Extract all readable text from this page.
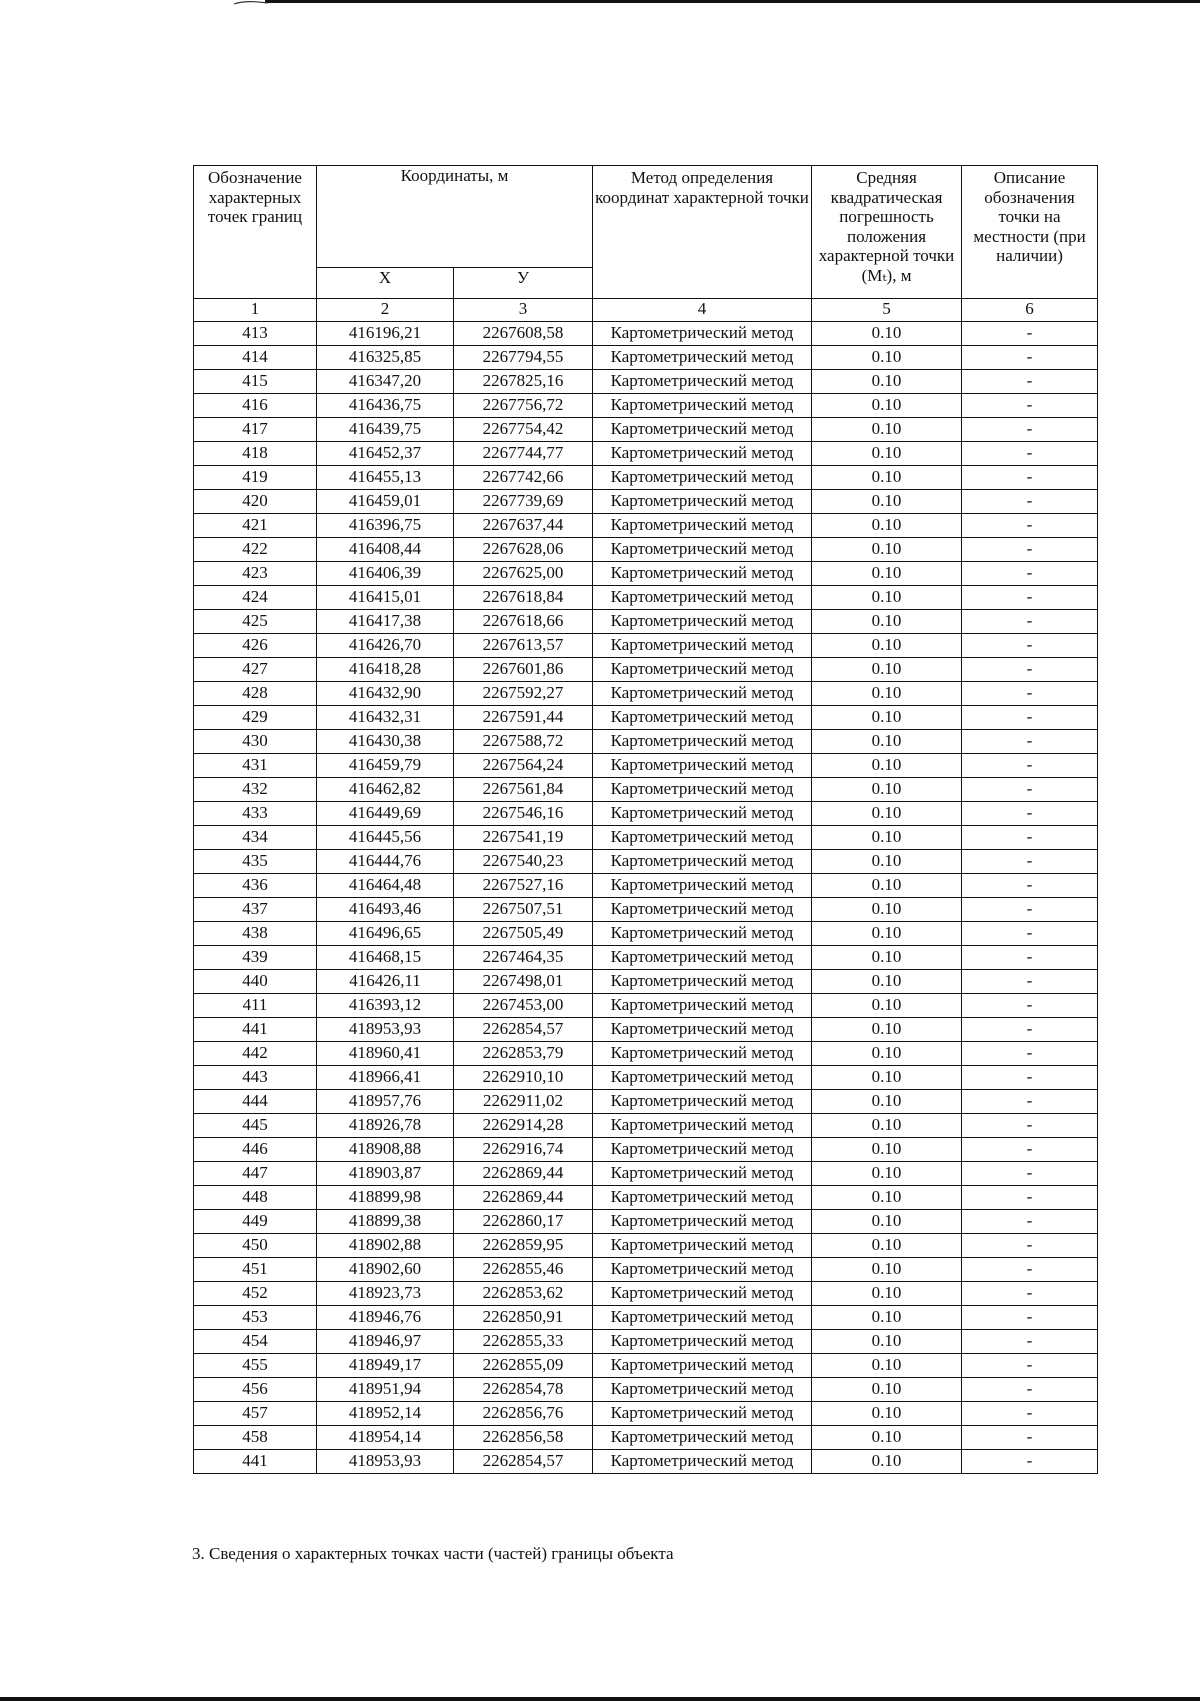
Обозначение характерных точек границ	Координаты, м		Метод определения координат характерной точки	Средняя квадратическая погрешность положения характерной точки (Mₜ), м	Описание обозначения точки на местности (при наличии)
	X	У			
1	2	3	4	5	6
413	416196,21	2267608,58	Картометрический метод	0.10	-
414	416325,85	2267794,55	Картометрический метод	0.10	-
415	416347,20	2267825,16	Картометрический метод	0.10	-
416	416436,75	2267756,72	Картометрический метод	0.10	-
417	416439,75	2267754,42	Картометрический метод	0.10	-
418	416452,37	2267744,77	Картометрический метод	0.10	-
419	416455,13	2267742,66	Картометрический метод	0.10	-
420	416459,01	2267739,69	Картометрический метод	0.10	-
421	416396,75	2267637,44	Картометрический метод	0.10	-
422	416408,44	2267628,06	Картометрический метод	0.10	-
423	416406,39	2267625,00	Картометрический метод	0.10	-
424	416415,01	2267618,84	Картометрический метод	0.10	-
425	416417,38	2267618,66	Картометрический метод	0.10	-
426	416426,70	2267613,57	Картометрический метод	0.10	-
427	416418,28	2267601,86	Картометрический метод	0.10	-
428	416432,90	2267592,27	Картометрический метод	0.10	-
429	416432,31	2267591,44	Картометрический метод	0.10	-
430	416430,38	2267588,72	Картометрический метод	0.10	-
431	416459,79	2267564,24	Картометрический метод	0.10	-
432	416462,82	2267561,84	Картометрический метод	0.10	-
433	416449,69	2267546,16	Картометрический метод	0.10	-
434	416445,56	2267541,19	Картометрический метод	0.10	-
435	416444,76	2267540,23	Картометрический метод	0.10	-
436	416464,48	2267527,16	Картометрический метод	0.10	-
437	416493,46	2267507,51	Картометрический метод	0.10	-
438	416496,65	2267505,49	Картометрический метод	0.10	-
439	416468,15	2267464,35	Картометрический метод	0.10	-
440	416426,11	2267498,01	Картометрический метод	0.10	-
411	416393,12	2267453,00	Картометрический метод	0.10	-
441	418953,93	2262854,57	Картометрический метод	0.10	-
442	418960,41	2262853,79	Картометрический метод	0.10	-
443	418966,41	2262910,10	Картометрический метод	0.10	-
444	418957,76	2262911,02	Картометрический метод	0.10	-
445	418926,78	2262914,28	Картометрический метод	0.10	-
446	418908,88	2262916,74	Картометрический метод	0.10	-
447	418903,87	2262869,44	Картометрический метод	0.10	-
448	418899,98	2262869,44	Картометрический метод	0.10	-
449	418899,38	2262860,17	Картометрический метод	0.10	-
450	418902,88	2262859,95	Картометрический метод	0.10	-
451	418902,60	2262855,46	Картометрический метод	0.10	-
452	418923,73	2262853,62	Картометрический метод	0.10	-
453	418946,76	2262850,91	Картометрический метод	0.10	-
454	418946,97	2262855,33	Картометрический метод	0.10	-
455	418949,17	2262855,09	Картометрический метод	0.10	-
456	418951,94	2262854,78	Картометрический метод	0.10	-
457	418952,14	2262856,76	Картометрический метод	0.10	-
458	418954,14	2262856,58	Картометрический метод	0.10	-
441	418953,93	2262854,57	Картометрический метод	0.10	-
3. Сведения о характерных точках части (частей) границы объекта
